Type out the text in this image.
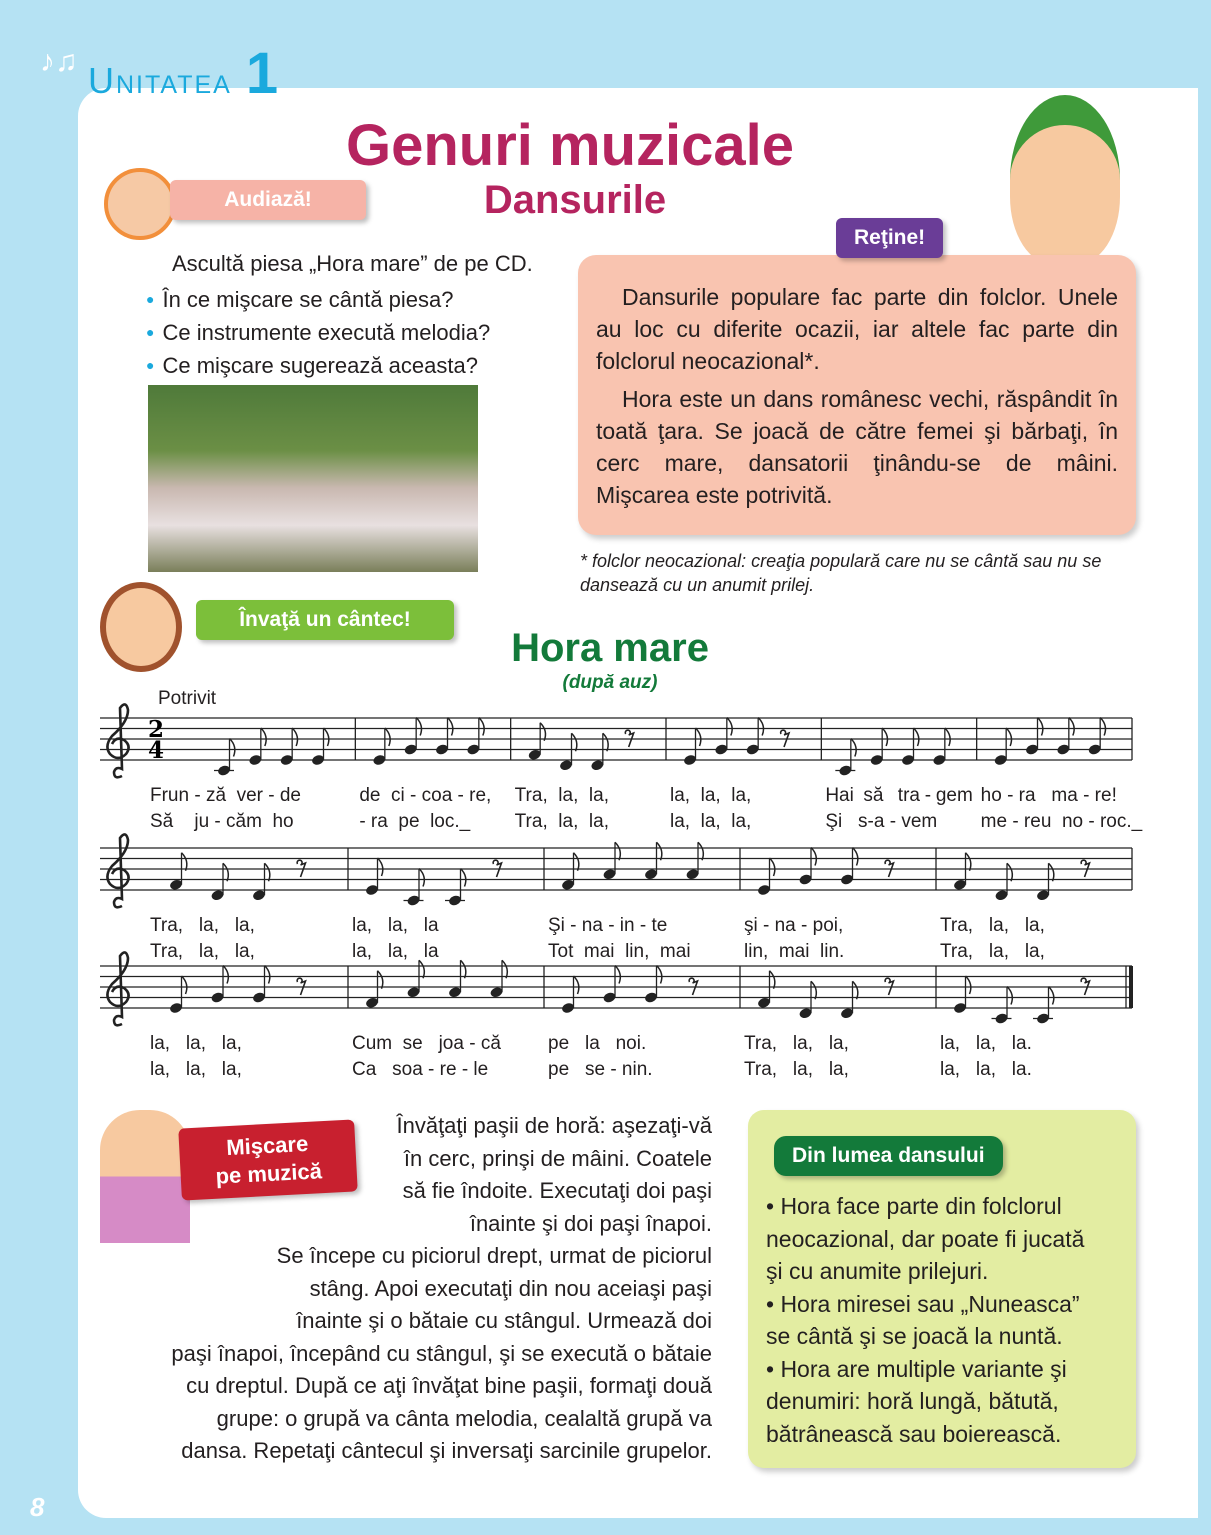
♪♫ Unitatea 1
Genuri muzicale
Dansurile
Audiază!
Ascultă piesa „Hora mare” de pe CD.
● În ce mişcare se cântă piesa?
● Ce instrumente execută melodia?
● Ce mişcare sugerează aceasta?

Dansurile populare fac parte din folclor. Unele au loc cu diferite ocazii, iar altele fac parte din folclorul neocazional*.

Hora este un dans românesc vechi, răspândit în toată ţara. Se joacă de către femei şi bărbaţi, în cerc mare, dansatorii ţinându-se de mâini. Mişcarea este potrivită.

* folclor neocazional: creaţia populară care nu se cântă sau nu se dansează cu un anumit prilej.
Reţine!
Învaţă un cântec!
Hora mare
(după auz)
Potrivit
2
4
Frun - ză  ver - de
Să    ju - căm  ho
de  ci - coa - re,
- ra  pe  loc._
Tra,  la,  la,
Tra,  la,  la,
la,  la,  la,
la,  la,  la,
Hai  să   tra - gem
Şi   s-a - vem
ho - ra   ma - re!
me - reu  no - roc._
Tra,   la,   la,
Tra,   la,   la,
la,   la,   la
la,   la,   la
Şi - na - in - te
Tot  mai  lin,  mai
şi - na - poi,
lin,  mai  lin.
Tra,   la,   la,
Tra,   la,   la,
la,   la,   la,
la,   la,   la,
Cum  se   joa - că
Ca   soa - re - le
pe   la   noi.
pe   se - nin.
Tra,   la,   la,
Tra,   la,   la,
la,   la,   la.
la,   la,   la.
Mişcare
pe muzică
Învăţaţi paşii de horă: aşezaţi-vă
în cerc, prinşi de mâini. Coatele
să fie îndoite. Executaţi doi paşi
înainte şi doi paşi înapoi.
Se începe cu piciorul drept, urmat de piciorul
stâng. Apoi executaţi din nou aceiaşi paşi
înainte şi o bătaie cu stângul. Urmează doi
paşi înapoi, începând cu stângul, şi se execută o bătaie
cu dreptul. După ce aţi învăţat bine paşii, formaţi două
grupe: o grupă va cânta melodia, cealaltă grupă va
dansa. Repetaţi cântecul şi inversaţi sarcinile grupelor.
Din lumea dansului
• Hora face parte din folclorul
neocazional, dar poate fi jucată
şi cu anumite prilejuri.
• Hora miresei sau „Nuneasca”
se cântă şi se joacă la nuntă.
• Hora are multiple variante şi
denumiri: horă lungă, bătută,
bătrânească sau boierească.
8
